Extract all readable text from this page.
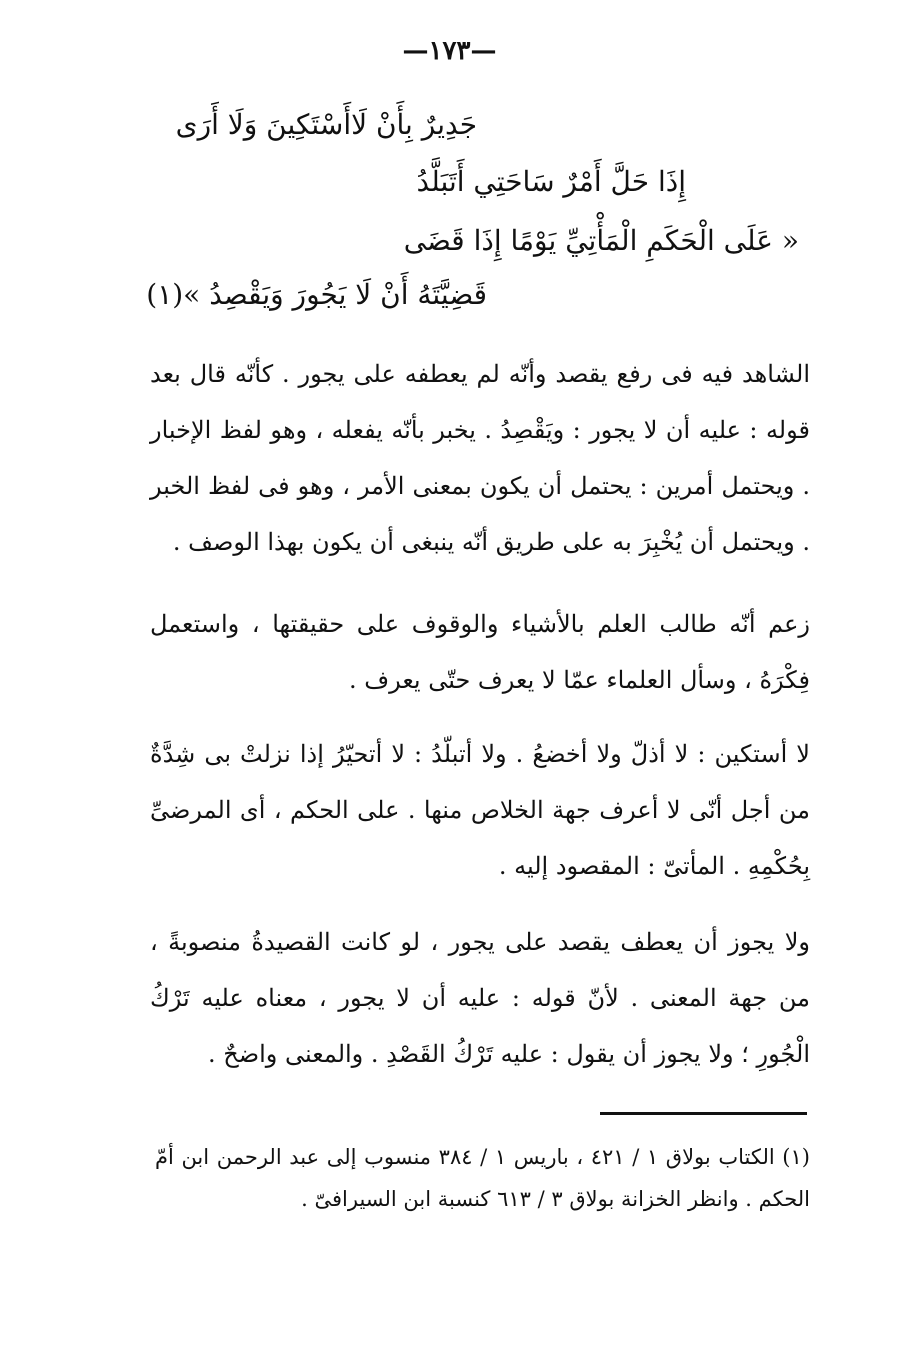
—١٧٣—
جَدِيرٌ بِأَنْ لَاأَسْتَكِينَ وَلَا أَرَى
إِذَا حَلَّ أَمْرٌ سَاحَتِي أَتَبَلَّدُ
« عَلَى الْحَكَمِ الْمَأْتِيِّ يَوْمًا إِذَا قَضَى
قَضِيَّتَهُ أَنْ لَا يَجُورَ وَيَقْصِدُ »(١)
الشاهد فيه فى رفع يقصد وأنّه لم يعطفه على يجور . كأنّه قال بعد قوله : عليه أن لا يجور : ويَقْصِدُ . يخبر بأنّه يفعله ، وهو لفظ الإخبار . ويحتمل أمرين : يحتمل أن يكون بمعنى الأمر ، وهو فى لفظ الخبر . ويحتمل أن يُخْبِرَ به على طريق أنّه ينبغى أن يكون بهذا الوصف .
زعم أنّه طالب العلم بالأشياء والوقوف على حقيقتها ، واستعمل فِكْرَهُ ، وسأل العلماء عمّا لا يعرف حتّى يعرف .
لا أستكين : لا أذلّ ولا أخضعُ . ولا أتبلّدُ : لا أتحيّرُ إذا نزلتْ بى شِدَّةٌ من أجل أنّى لا أعرف جهة الخلاص منها . على الحكم ، أى المرضىِّ بِحُكْمِهِ . المأتىّ : المقصود إليه .
ولا يجوز أن يعطف يقصد على يجور ، لو كانت القصيدةُ منصوبةً ، من جهة المعنى . لأنّ قوله : عليه أن لا يجور ، معناه عليه تَرْكُ الْجُورِ ؛ ولا يجوز أن يقول : عليه تَرْكُ القَصْدِ . والمعنى واضحٌ .
(١) الكتاب بولاق ١ / ٤٢١ ، باريس ١ / ٣٨٤ منسوب إلى عبد الرحمن ابن أمّ الحكم . وانظر الخزانة بولاق ٣ / ٦١٣ كنسبة ابن السيرافىّ .
